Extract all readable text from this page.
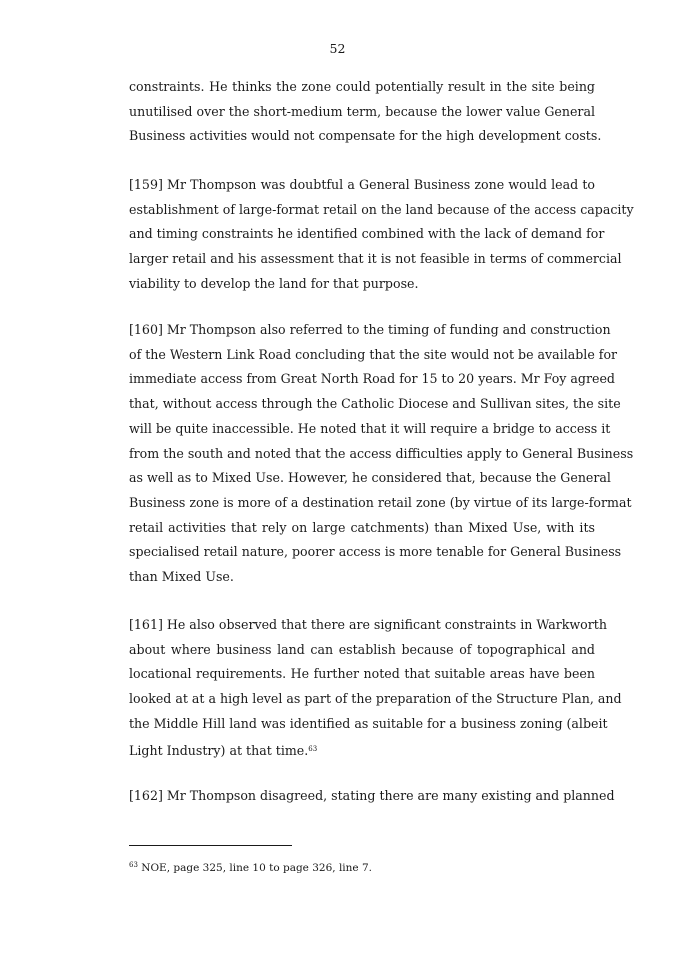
52
constraints. He thinks the zone could potentially result in the site being
unutilised over the short-medium term, because the lower value General
Business activities would not compensate for the high development costs.
[159] Mr Thompson was doubtful a General Business zone would lead to
establishment of large-format retail on the land because of the access capacity
and timing constraints he identified combined with the lack of demand for
larger retail and his assessment that it is not feasible in terms of commercial
viability to develop the land for that purpose.
[160] Mr Thompson also referred to the timing of funding and construction
of the Western Link Road concluding that the site would not be available for
immediate access from Great North Road for 15 to 20 years. Mr Foy agreed
that, without access through the Catholic Diocese and Sullivan sites, the site
will be quite inaccessible. He noted that it will require a bridge to access it
from the south and noted that the access difficulties apply to General Business
as well as to Mixed Use. However, he considered that, because the General
Business zone is more of a destination retail zone (by virtue of its large-format
retail activities that rely on large catchments) than Mixed Use, with its
specialised retail nature, poorer access is more tenable for General Business
than Mixed Use.
[161] He also observed that there are significant constraints in Warkworth
about where business land can establish because of topographical and
locational requirements. He further noted that suitable areas have been
looked at at a high level as part of the preparation of the Structure Plan, and
the Middle Hill land was identified as suitable for a business zoning (albeit
Light Industry) at that time.$^{63}$
[162] Mr Thompson disagreed, stating there are many existing and planned
$^{63}$ NOE, page 325, line 10 to page 326, line 7.
